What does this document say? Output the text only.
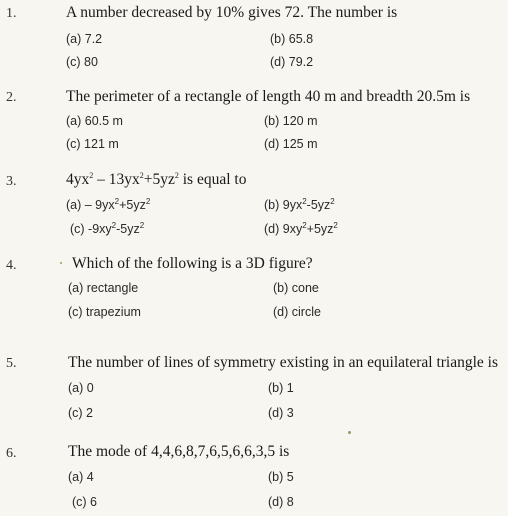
1.	A number decreased by 10% gives 72. The number is
(a) 7.2	(b) 65.8
(c) 80	(d) 79.2
2.	The perimeter of a rectangle of length 40 m and breadth 20.5m is
(a) 60.5 m	(b) 120 m
(c) 121 m	(d) 125 m
3.	$4yx^2 - 13yx^2+5yz^2$ is equal to
$(a) - 9yx^2+5yz^2$	(b) $9yx^2-5yz^2$
(c) $-9xy^2-5yz^2$	(d) $9xy^2+5yz^2$
4.	Which of the following is a 3D figure?
(a) rectangle	(b) cone
(c) trapezium	(d) circle
5.	The number of lines of symmetry existing in an equilateral triangle is
(a) 0	(b) 1
(c) 2	(d) 3
6.	The mode of 4,4,6,8,7,6,5,6,6,3,5 is
(a) 4	(b) 5
(c) 6	(d) 8
